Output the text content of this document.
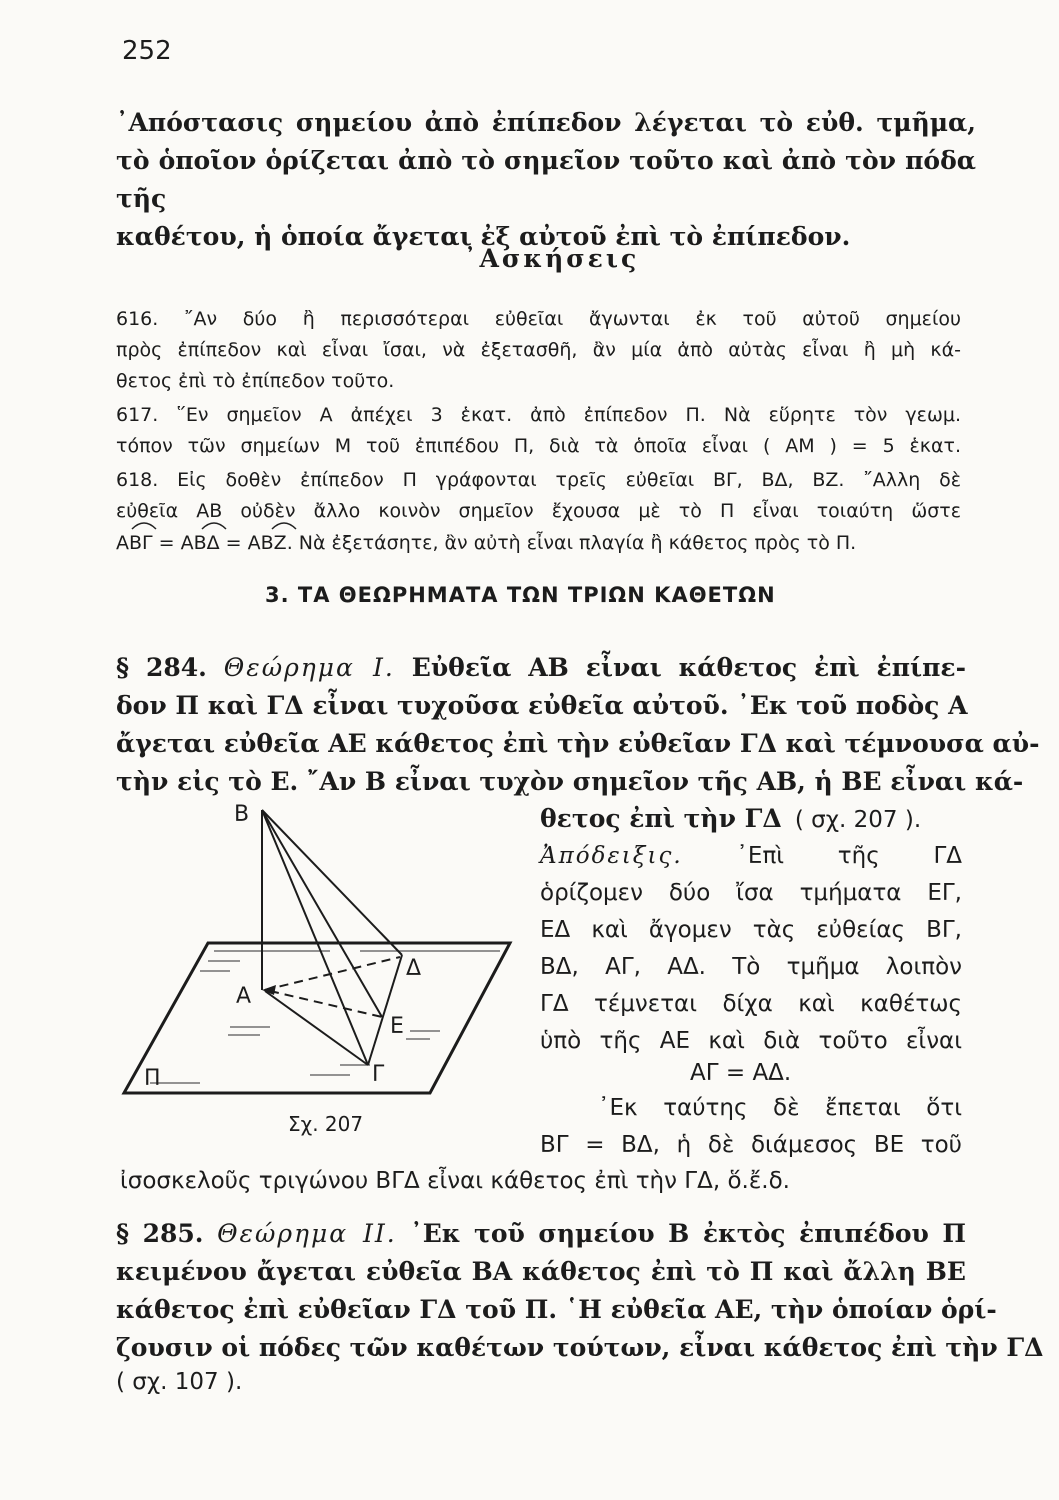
252
᾿Απόστασις σημείου ἀπὸ ἐπίπεδον λέγεται τὸ εὐθ. τμῆμα,
τὸ ὁποῖον ὁρίζεται ἀπὸ τὸ σημεῖον τοῦτο καὶ ἀπὸ τὸν πόδα τῆς
καθέτου, ἡ ὁποία ἄγεται ἐξ αὐτοῦ ἐπὶ τὸ ἐπίπεδον.
᾿Ασκήσεις
616. ῎Αν δύο ἢ περισσότεραι εὐθεῖαι ἄγωνται ἐκ τοῦ αὐτοῦ σημείου
πρὸς ἐπίπεδον καὶ εἶναι ἴσαι, νὰ ἐξετασθῆ, ἂν μία ἀπὸ αὐτὰς εἶναι ἢ μὴ κά-
θετος ἐπὶ τὸ ἐπίπεδον τοῦτο.
617. ῞Εν σημεῖον Α ἀπέχει 3 ἑκατ. ἀπὸ ἐπίπεδον Π. Νὰ εὕρητε τὸν γεωμ.
τόπον τῶν σημείων Μ τοῦ ἐπιπέδου Π, διὰ τὰ ὁποῖα εἶναι ( ΑΜ ) = 5 ἑκατ.
618. Εἰς δοθὲν ἐπίπεδον Π γράφονται τρεῖς εὐθεῖαι ΒΓ, ΒΔ, ΒΖ. ῎Αλλη δὲ
εὐθεῖα ΑΒ οὐδὲν ἄλλο κοινὸν σημεῖον ἔχουσα μὲ τὸ Π εἶναι τοιαύτη ὥστε
ΑΒΓ = ΑΒΔ = ΑΒΖ. Νὰ ἐξετάσητε, ἂν αὐτὴ εἶναι πλαγία ἢ κάθετος πρὸς τὸ Π.
3. ΤΑ ΘΕΩΡΗΜΑΤΑ ΤΩΝ ΤΡΙΩΝ ΚΑΘΕΤΩΝ
§ 284. Θεώρημα Ι. Εὐθεῖα ΑΒ εἶναι κάθετος ἐπὶ ἐπίπε-
δον Π καὶ ΓΔ εἶναι τυχοῦσα εὐθεῖα αὐτοῦ. ᾿Εκ τοῦ ποδὸς Α
ἄγεται εὐθεῖα ΑΕ κάθετος ἐπὶ τὴν εὐθεῖαν ΓΔ καὶ τέμνουσα αὐ-
τὴν εἰς τὸ Ε. ῎Αν Β εἶναι τυχὸν σημεῖον τῆς ΑΒ, ἡ ΒΕ εἶναι κά-
θετος ἐπὶ τὴν ΓΔ ( σχ. 207 ).
Β
Α
Δ
Ε
Γ
Π
Σχ. 207
Ἀπόδειξις. ᾿Επὶ τῆς ΓΔ
ὁρίζομεν δύο ἴσα τμήματα ΕΓ,
ΕΔ καὶ ἄγομεν τὰς εὐθείας ΒΓ,
ΒΔ, ΑΓ, ΑΔ. Τὸ τμῆμα λοιπὸν
ΓΔ τέμνεται δίχα καὶ καθέτως
ὑπὸ τῆς ΑΕ καὶ διὰ τοῦτο εἶναι
ΑΓ = ΑΔ.
᾿Εκ ταύτης δὲ ἔπεται ὅτι
ΒΓ = ΒΔ, ἡ δὲ διάμεσος ΒΕ τοῦ
ἰσοσκελοῦς τριγώνου ΒΓΔ εἶναι κάθετος ἐπὶ τὴν ΓΔ, ὅ.ἔ.δ.
§ 285. Θεώρημα ΙΙ. ᾿Εκ τοῦ σημείου Β ἐκτὸς ἐπιπέδου Π
κειμένου ἄγεται εὐθεῖα ΒΑ κάθετος ἐπὶ τὸ Π καὶ ἄλλη ΒΕ
κάθετος ἐπὶ εὐθεῖαν ΓΔ τοῦ Π. ῾Η εὐθεῖα ΑΕ, τὴν ὁποίαν ὁρί-
ζουσιν οἱ πόδες τῶν καθέτων τούτων, εἶναι κάθετος ἐπὶ τὴν ΓΔ
( σχ. 107 ).
